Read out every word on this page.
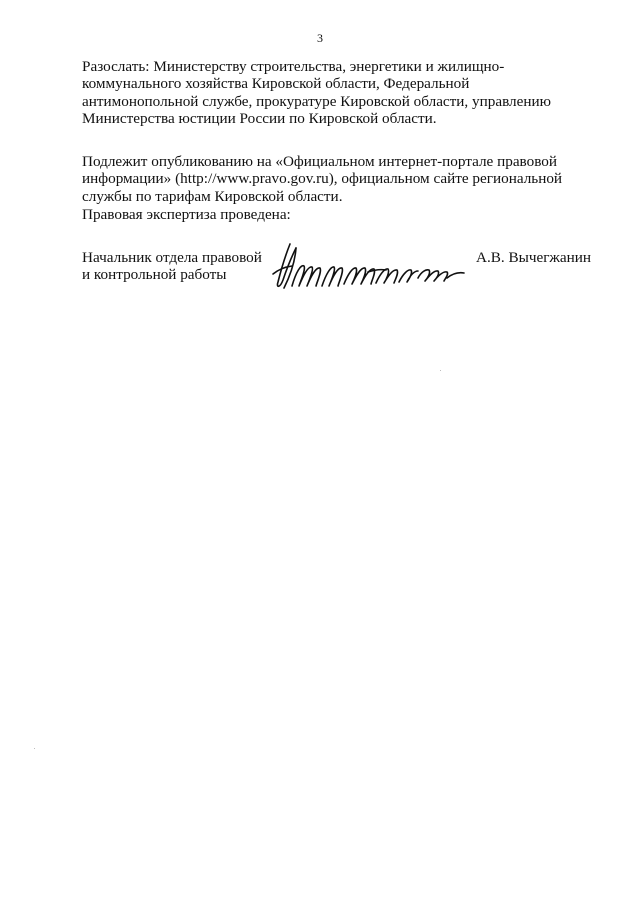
3

Разослать: Министерству строительства, энергетики и жилищно-
коммунального хозяйства Кировской области, Федеральной
антимонопольной службе, прокуратуре Кировской области, управлению
Министерства юстиции России по Кировской области.

Подлежит опубликованию на «Официальном интернет-портале правовой
информации» (http://www.pravo.gov.ru), официальном сайте региональной
службы по тарифам Кировской области.

Правовая экспертиза проведена:
Начальник отдела правовой
и контрольной работы
А.В. Вычегжанин
